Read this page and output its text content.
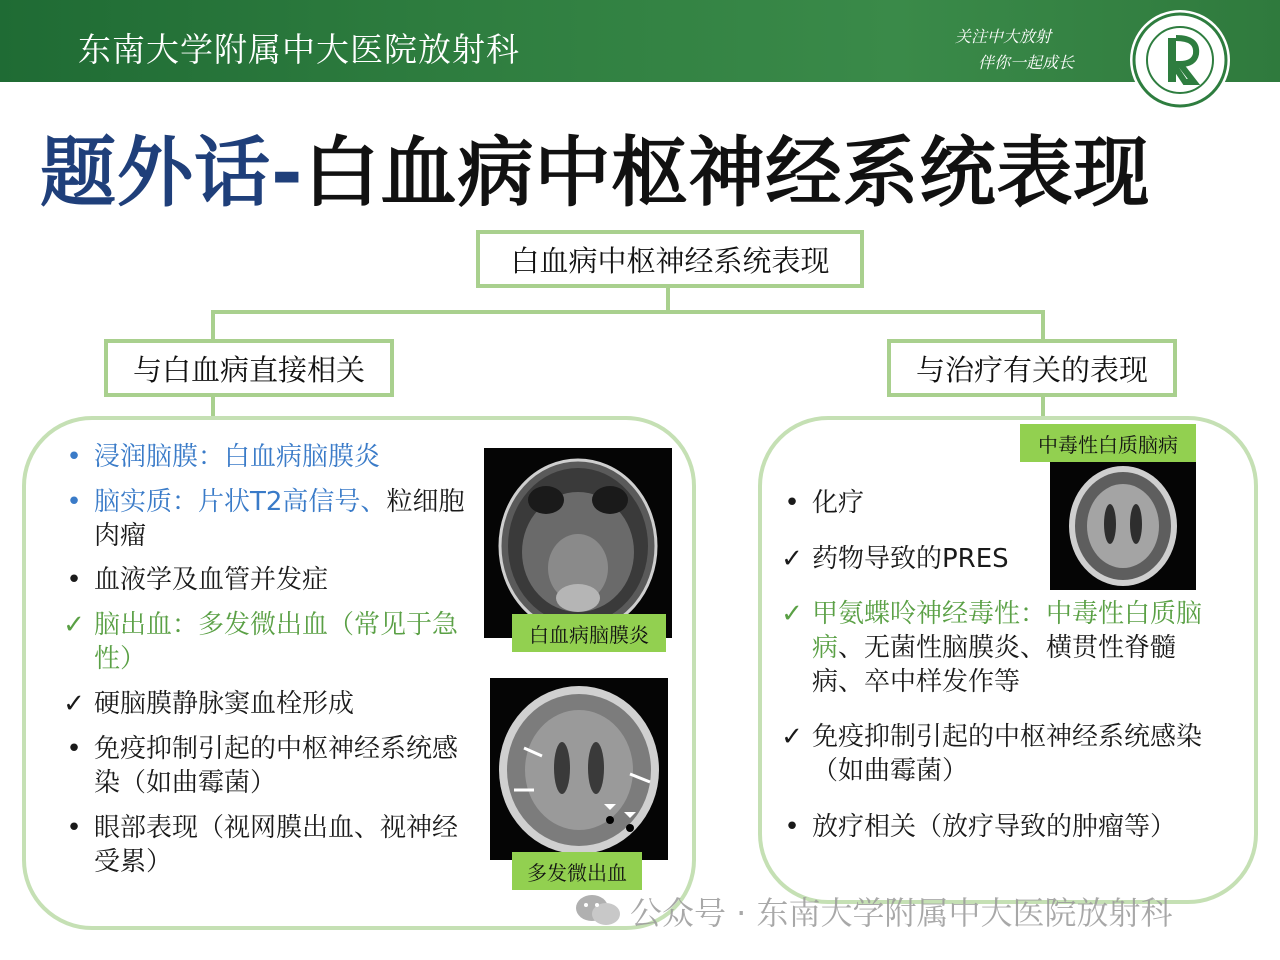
东南大学附属中大医院放射科	关注中大放射
伴你一起成长
题外话-白血病中枢神经系统表现
白血病中枢神经系统表现
与白血病直接相关	与治疗有关的表现
• 浸润脑膜：白血病脑膜炎
• 脑实质：片状T2高信号、粒细胞肉瘤
• 血液学及血管并发症
✓ 脑出血：多发微出血（常见于急性）
✓ 硬脑膜静脉窦血栓形成
• 免疫抑制引起的中枢神经系统感染（如曲霉菌）
• 眼部表现（视网膜出血、视神经受累）
白血病脑膜炎
多发微出血
中毒性白质脑病
• 化疗
✓ 药物导致的PRES
✓ 甲氨蝶呤神经毒性：中毒性白质脑病、无菌性脑膜炎、横贯性脊髓病、卒中样发作等
✓ 免疫抑制引起的中枢神经系统感染（如曲霉菌）
• 放疗相关（放疗导致的肿瘤等）
公众号 · 东南大学附属中大医院放射科
